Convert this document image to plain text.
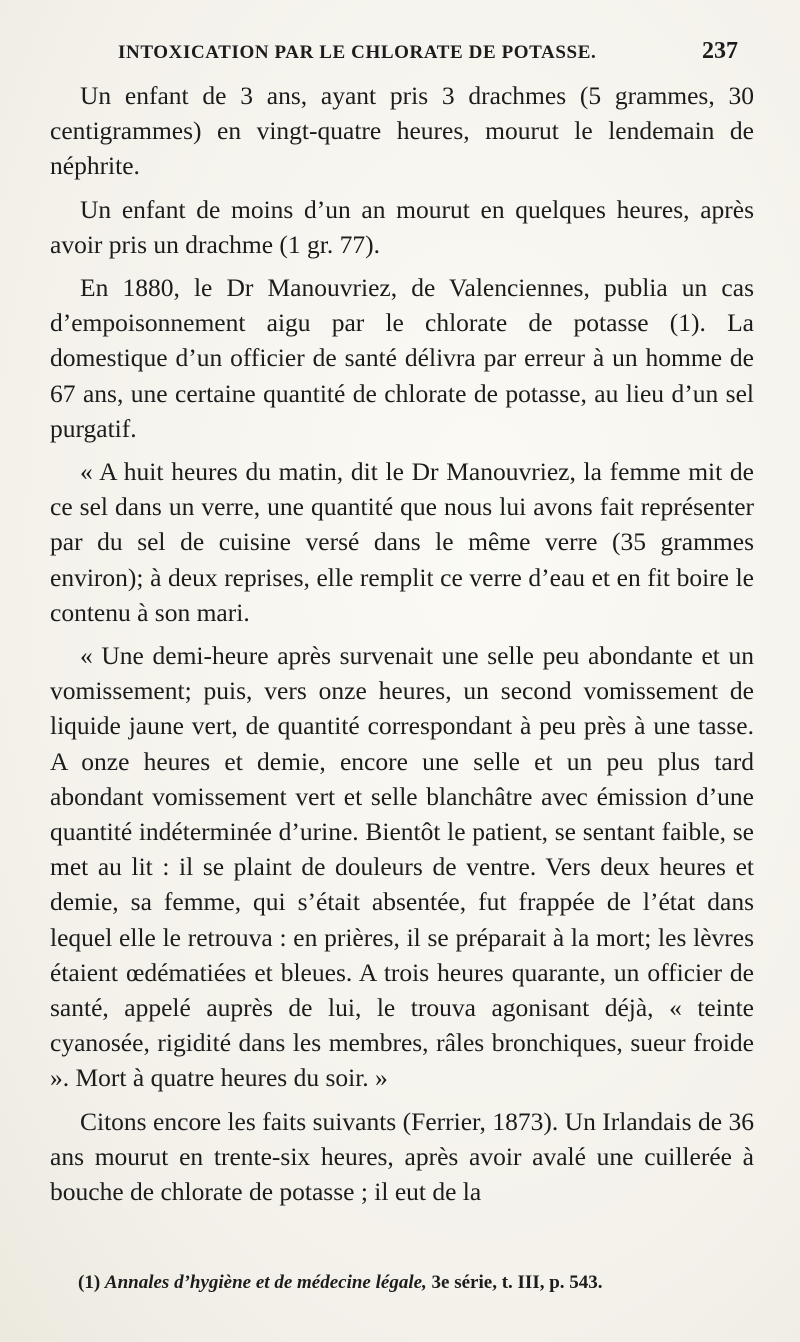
INTOXICATION PAR LE CHLORATE DE POTASSE.	237

Un enfant de 3 ans, ayant pris 3 drachmes (5 grammes, 30 centigrammes) en vingt-quatre heures, mourut le lendemain de néphrite.

Un enfant de moins d’un an mourut en quelques heures, après avoir pris un drachme (1 gr. 77).

En 1880, le Dr Manouvriez, de Valenciennes, publia un cas d’empoisonnement aigu par le chlorate de potasse (1). La domestique d’un officier de santé délivra par erreur à un homme de 67 ans, une certaine quantité de chlorate de potasse, au lieu d’un sel purgatif.

« A huit heures du matin, dit le Dr Manouvriez, la femme mit de ce sel dans un verre, une quantité que nous lui avons fait représenter par du sel de cuisine versé dans le même verre (35 grammes environ); à deux reprises, elle remplit ce verre d’eau et en fit boire le contenu à son mari.

« Une demi-heure après survenait une selle peu abondante et un vomissement; puis, vers onze heures, un second vomissement de liquide jaune vert, de quantité correspondant à peu près à une tasse. A onze heures et demie, encore une selle et un peu plus tard abondant vomissement vert et selle blanchâtre avec émission d’une quantité indéterminée d’urine. Bientôt le patient, se sentant faible, se met au lit : il se plaint de douleurs de ventre. Vers deux heures et demie, sa femme, qui s’était absentée, fut frappée de l’état dans lequel elle le retrouva : en prières, il se préparait à la mort; les lèvres étaient œdématiées et bleues. A trois heures quarante, un officier de santé, appelé auprès de lui, le trouva agonisant déjà, « teinte cyanosée, rigidité dans les membres, râles bronchiques, sueur froide ». Mort à quatre heures du soir. »

Citons encore les faits suivants (Ferrier, 1873). Un Irlandais de 36 ans mourut en trente-six heures, après avoir avalé une cuillerée à bouche de chlorate de potasse ; il eut de la

(1) Annales d’hygiène et de médecine légale, 3e série, t. III, p. 543.
